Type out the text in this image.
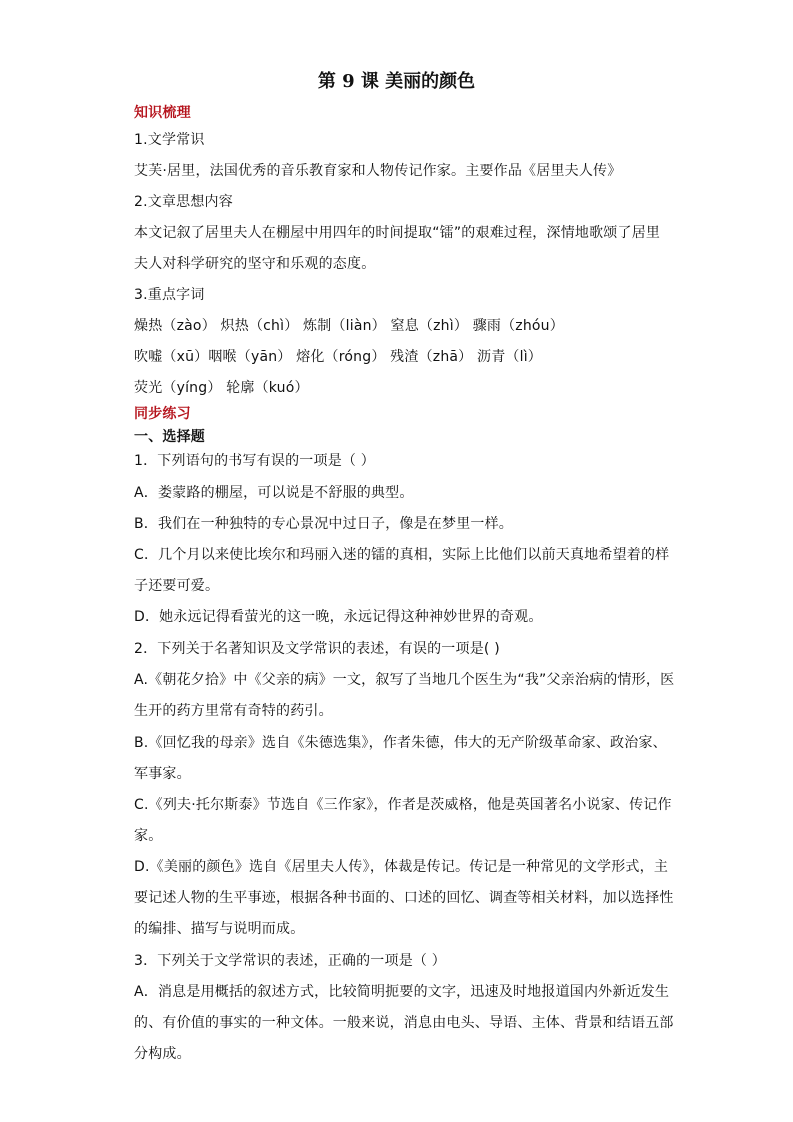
第 9 课 美丽的颜色
知识梳理
1.文学常识
艾芙·居里，法国优秀的音乐教育家和人物传记作家。主要作品《居里夫人传》
2.文章思想内容
本文记叙了居里夫人在棚屋中用四年的时间提取“镭”的艰难过程，深情地歌颂了居里
夫人对科学研究的坚守和乐观的态度。
3.重点字词
燥热（zào） 炽热（chì） 炼制（liàn） 窒息（zhì） 骤雨（zhóu）
吹嘘（xū）咽喉（yān） 熔化（róng） 残渣（zhā） 沥青（lì）
荧光（yíng） 轮廓（kuó）
同步练习
一、选择题
1．下列语句的书写有误的一项是（ ）
A．娄蒙路的棚屋，可以说是不舒服的典型。
B．我们在一种独特的专心景况中过日子，像是在梦里一样。
C．几个月以来使比埃尔和玛丽入迷的镭的真相，实际上比他们以前天真地希望着的样
子还要可爱。
D．她永远记得看萤光的这一晚，永远记得这种神妙世界的奇观。
2．下列关于名著知识及文学常识的表述，有误的一项是( )
A.《朝花夕拾》中《父亲的病》一文，叙写了当地几个医生为“我”父亲治病的情形，医
生开的药方里常有奇特的药引。
B.《回忆我的母亲》选自《朱德选集》，作者朱德，伟大的无产阶级革命家、政治家、
军事家。
C.《列夫·托尔斯泰》节选自《三作家》，作者是茨威格，他是英国著名小说家、传记作
家。
D.《美丽的颜色》选自《居里夫人传》，体裁是传记。传记是一种常见的文学形式，主
要记述人物的生平事迹，根据各种书面的、口述的回忆、调查等相关材料，加以选择性
的编排、描写与说明而成。
3．下列关于文学常识的表述，正确的一项是（ ）
A．消息是用概括的叙述方式，比较简明扼要的文字，迅速及时地报道国内外新近发生
的、有价值的事实的一种文体。一般来说，消息由电头、导语、主体、背景和结语五部
分构成。
